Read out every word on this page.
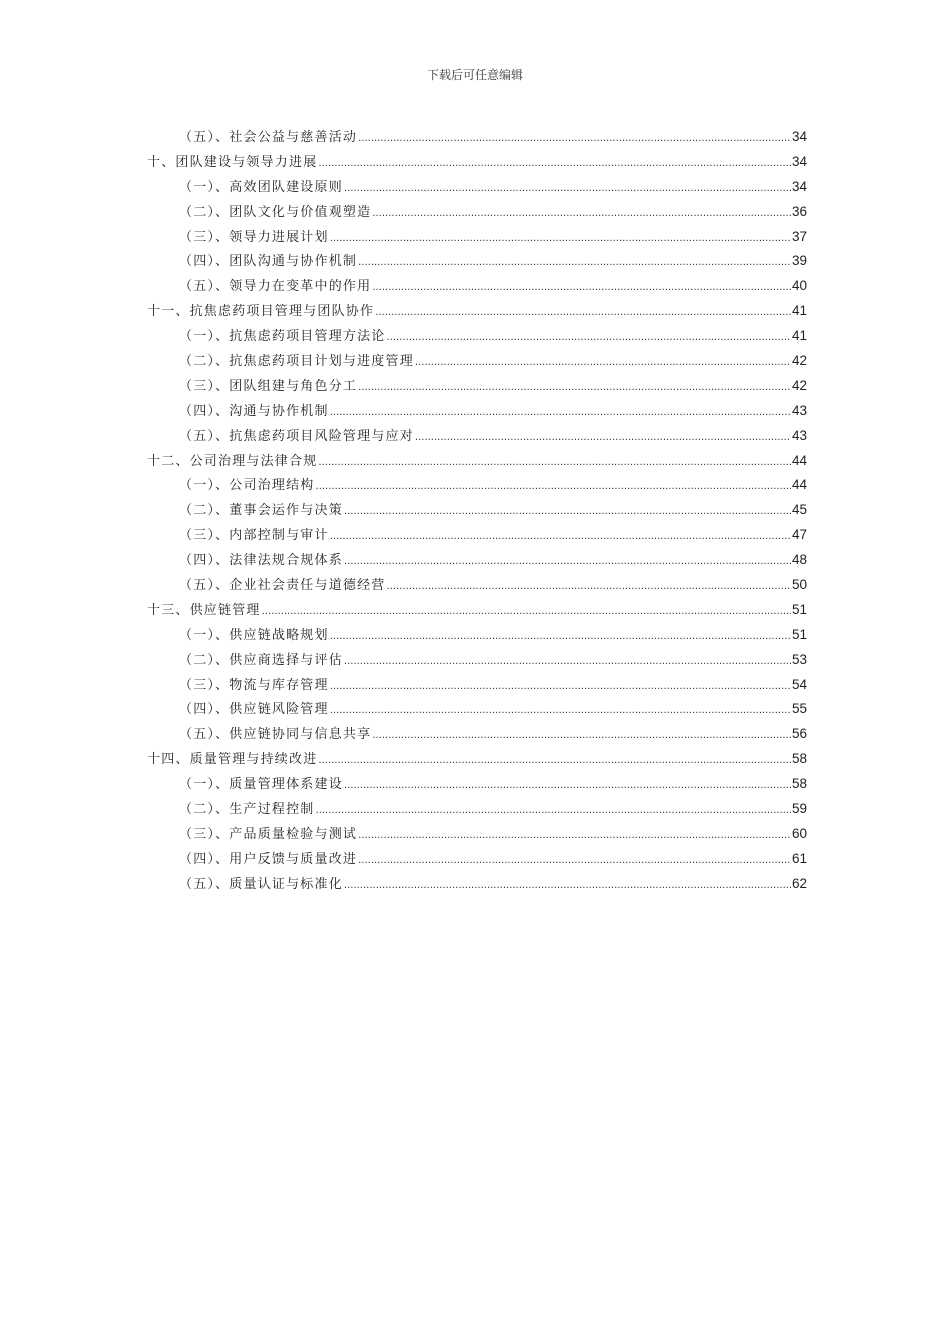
下载后可任意编辑
（五）、社会公益与慈善活动 .....	34
十、团队建设与领导力进展 .....	34
（一）、高效团队建设原则 .....	34
（二）、团队文化与价值观塑造 .....	36
（三）、领导力进展计划 .....	37
（四）、团队沟通与协作机制 .....	39
（五）、领导力在变革中的作用 .....	40
十一、抗焦虑药项目管理与团队协作 .....	41
（一）、抗焦虑药项目管理方法论 .....	41
（二）、抗焦虑药项目计划与进度管理 .....	42
（三）、团队组建与角色分工 .....	42
（四）、沟通与协作机制 .....	43
（五）、抗焦虑药项目风险管理与应对 .....	43
十二、公司治理与法律合规 .....	44
（一）、公司治理结构 .....	44
（二）、董事会运作与决策 .....	45
（三）、内部控制与审计 .....	47
（四）、法律法规合规体系 .....	48
（五）、企业社会责任与道德经营 .....	50
十三、供应链管理 .....	51
（一）、供应链战略规划 .....	51
（二）、供应商选择与评估 .....	53
（三）、物流与库存管理 .....	54
（四）、供应链风险管理 .....	55
（五）、供应链协同与信息共享 .....	56
十四、质量管理与持续改进 .....	58
（一）、质量管理体系建设 .....	58
（二）、生产过程控制 .....	59
（三）、产品质量检验与测试 .....	60
（四）、用户反馈与质量改进 .....	61
（五）、质量认证与标准化 .....	62
